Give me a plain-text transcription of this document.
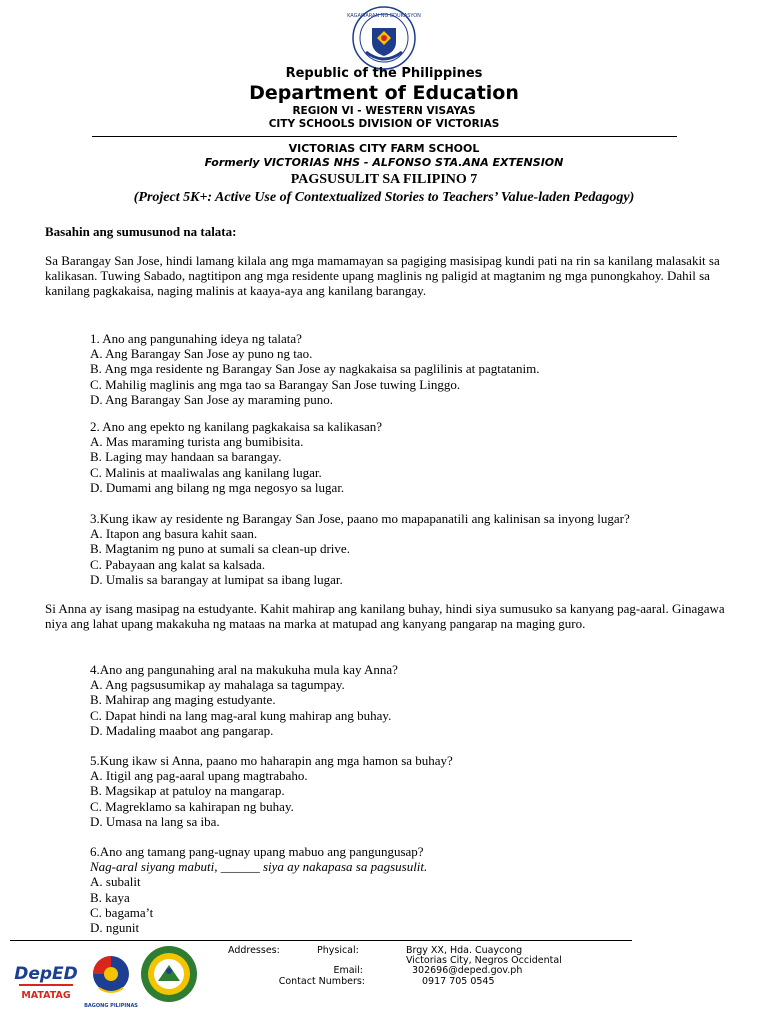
KAGAWARAN NG EDUKASYON
Republic of the Philippines
Department of Education
REGION VI - WESTERN VISAYAS
CITY SCHOOLS DIVISION OF VICTORIAS
VICTORIAS CITY FARM SCHOOL
Formerly VICTORIAS NHS - ALFONSO STA.ANA EXTENSION
PAGSUSULIT SA FILIPINO 7
(Project 5K+: Active Use of Contextualized Stories to Teachers’ Value-laden Pedagogy)
Basahin ang sumusunod na talata:
Sa Barangay San Jose, hindi lamang kilala ang mga mamamayan sa pagiging masisipag kundi pati na rin sa kanilang malasakit sa kalikasan. Tuwing Sabado, nagtitipon ang mga residente upang maglinis ng paligid at magtanim ng mga punongkahoy. Dahil sa kanilang pagkakaisa, naging malinis at kaaya-aya ang kanilang barangay.
1. Ano ang pangunahing ideya ng talata?
A. Ang Barangay San Jose ay puno ng tao.
B. Ang mga residente ng Barangay San Jose ay nagkakaisa sa paglilinis at pagtatanim.
C. Mahilig maglinis ang mga tao sa Barangay San Jose tuwing Linggo.
D. Ang Barangay San Jose ay maraming puno.
2. Ano ang epekto ng kanilang pagkakaisa sa kalikasan?
A. Mas maraming turista ang bumibisita.
B. Laging may handaan sa barangay.
C. Malinis at maaliwalas ang kanilang lugar.
D. Dumami ang bilang ng mga negosyo sa lugar.
3.Kung ikaw ay residente ng Barangay San Jose, paano mo mapapanatili ang kalinisan sa inyong lugar?
A. Itapon ang basura kahit saan.
B. Magtanim ng puno at sumali sa clean-up drive.
C. Pabayaan ang kalat sa kalsada.
D. Umalis sa barangay at lumipat sa ibang lugar.
Si Anna ay isang masipag na estudyante. Kahit mahirap ang kanilang buhay, hindi siya sumusuko sa kanyang pag-aaral. Ginagawa niya ang lahat upang makakuha ng mataas na marka at matupad ang kanyang pangarap na maging guro.
4.Ano ang pangunahing aral na makukuha mula kay Anna?
A. Ang pagsusumikap ay mahalaga sa tagumpay.
B. Mahirap ang maging estudyante.
C. Dapat hindi na lang mag-aral kung mahirap ang buhay.
D. Madaling maabot ang pangarap.
5.Kung ikaw si Anna, paano mo haharapin ang mga hamon sa buhay?
A. Itigil ang pag-aaral upang magtrabaho.
B. Magsikap at patuloy na mangarap.
C. Magreklamo sa kahirapan ng buhay.
D. Umasa na lang sa iba.
6.Ano ang tamang pang-ugnay upang mabuo ang pangungusap?
Nag-aral siyang mabuti, ______ siya ay nakapasa sa pagsusulit.
A. subalit
B. kaya
C. bagama’t
D. ngunit
DepED
MATATAG
BAGONG PILIPINAS
Addresses:	Physical:	Brgy XX, Hda. Cuaycong
Victorias City, Negros Occidental
Email:	302696@deped.gov.ph
Contact Numbers:	0917 705 0545
